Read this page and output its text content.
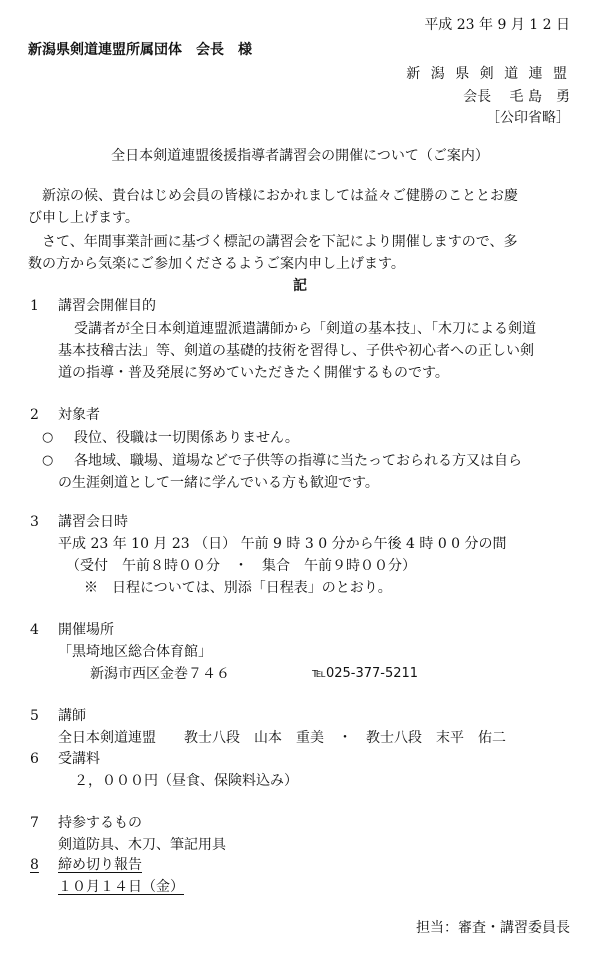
平成 23 年 9 月 1 2 日
新潟県剣道連盟所属団体　会長　様
新 潟 県 剣 道 連 盟
会長　 毛 島　勇
［公印省略］
全日本剣道連盟後援指導者講習会の開催について（ご案内）
新涼の候、貴台はじめ会員の皆様におかれましては益々ご健勝のこととお慶
び申し上げます。
さて、年間事業計画に基づく標記の講習会を下記により開催しますので、多
数の方から気楽にご参加くださるようご案内申し上げます。
記
1 講習会開催目的
受講者が全日本剣道連盟派遣講師から「剣道の基本技」、「木刀による剣道
基本技稽古法」等、剣道の基礎的技術を習得し、子供や初心者への正しい剣
道の指導・普及発展に努めていただきたく開催するものです。
2 対象者
○ 段位、役職は一切関係ありません。
○ 各地域、職場、道場などで子供等の指導に当たっておられる方又は自ら
の生涯剣道として一緒に学んでいる方も歓迎です。
3 講習会日時
平成 23 年 10 月 23 （日） 午前 9 時 3 0 分から午後 4 時 0 0 分の間
（受付　午前８時００分　・　集合　午前９時００分）
※　日程については、別添「日程表」のとおり。
4 開催場所
「黒埼地区総合体育館」
新潟市西区金巻７４６	℡025-377-5211
5 講師
全日本剣道連盟　　教士八段　山本　重美　・　教士八段　末平　佑二
6 受講料
２，０００円（昼食、保険料込み）
7 持参するもの
剣道防具、木刀、筆記用具
8 締め切り報告
１０月１４日（金）
担当：審査・講習委員長
